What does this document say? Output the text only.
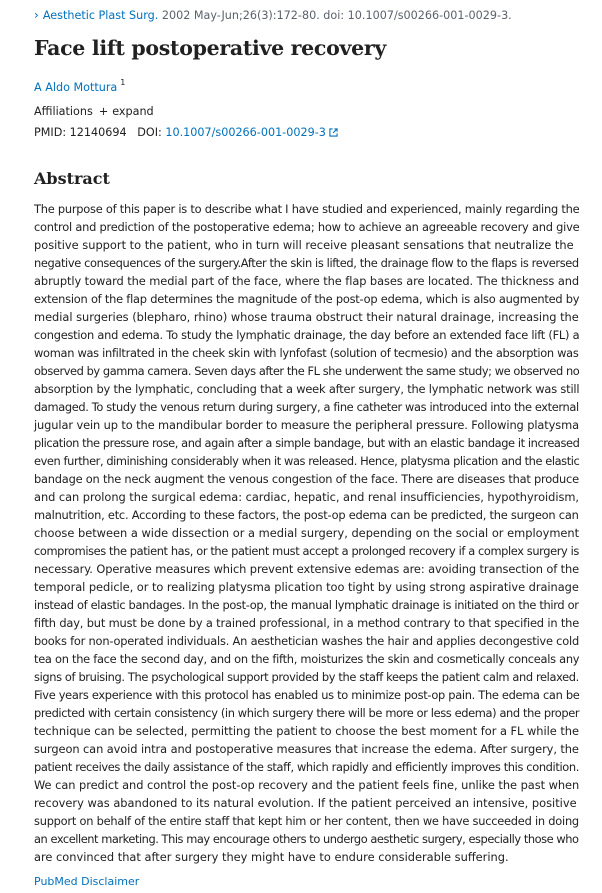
› Aesthetic Plast Surg. 2002 May-Jun;26(3):172-80. doi: 10.1007/s00266-001-0029-3.
Face lift postoperative recovery
A Aldo Mottura $^1$
Affiliations + expand
PMID: 12140694 DOI: 10.1007/s00266-001-0029-3
Abstract
The purpose of this paper is to describe what I have studied and experienced, mainly regarding the
control and prediction of the postoperative edema; how to achieve an agreeable recovery and give
positive support to the patient, who in turn will receive pleasant sensations that neutralize the
negative consequences of the surgery.After the skin is lifted, the drainage flow to the flaps is reversed
abruptly toward the medial part of the face, where the flap bases are located. The thickness and
extension of the flap determines the magnitude of the post-op edema, which is also augmented by
medial surgeries (blepharo, rhino) whose trauma obstruct their natural drainage, increasing the
congestion and edema. To study the lymphatic drainage, the day before an extended face lift (FL) a
woman was infiltrated in the cheek skin with lynfofast (solution of tecmesio) and the absorption was
observed by gamma camera. Seven days after the FL she underwent the same study; we observed no
absorption by the lymphatic, concluding that a week after surgery, the lymphatic network was still
damaged. To study the venous return during surgery, a fine catheter was introduced into the external
jugular vein up to the mandibular border to measure the peripheral pressure. Following platysma
plication the pressure rose, and again after a simple bandage, but with an elastic bandage it increased
even further, diminishing considerably when it was released. Hence, platysma plication and the elastic
bandage on the neck augment the venous congestion of the face. There are diseases that produce
and can prolong the surgical edema: cardiac, hepatic, and renal insufficiencies, hypothyroidism,
malnutrition, etc. According to these factors, the post-op edema can be predicted, the surgeon can
choose between a wide dissection or a medial surgery, depending on the social or employment
compromises the patient has, or the patient must accept a prolonged recovery if a complex surgery is
necessary. Operative measures which prevent extensive edemas are: avoiding transection of the
temporal pedicle, or to realizing platysma plication too tight by using strong aspirative drainage
instead of elastic bandages. In the post-op, the manual lymphatic drainage is initiated on the third or
fifth day, but must be done by a trained professional, in a method contrary to that specified in the
books for non-operated individuals. An aesthetician washes the hair and applies decongestive cold
tea on the face the second day, and on the fifth, moisturizes the skin and cosmetically conceals any
signs of bruising. The psychological support provided by the staff keeps the patient calm and relaxed.
Five years experience with this protocol has enabled us to minimize post-op pain. The edema can be
predicted with certain consistency (in which surgery there will be more or less edema) and the proper
technique can be selected, permitting the patient to choose the best moment for a FL while the
surgeon can avoid intra and postoperative measures that increase the edema. After surgery, the
patient receives the daily assistance of the staff, which rapidly and efficiently improves this condition.
We can predict and control the post-op recovery and the patient feels fine, unlike the past when
recovery was abandoned to its natural evolution. If the patient perceived an intensive, positive
support on behalf of the entire staff that kept him or her content, then we have succeeded in doing
an excellent marketing. This may encourage others to undergo aesthetic surgery, especially those who
are convinced that after surgery they might have to endure considerable suffering.
PubMed Disclaimer
